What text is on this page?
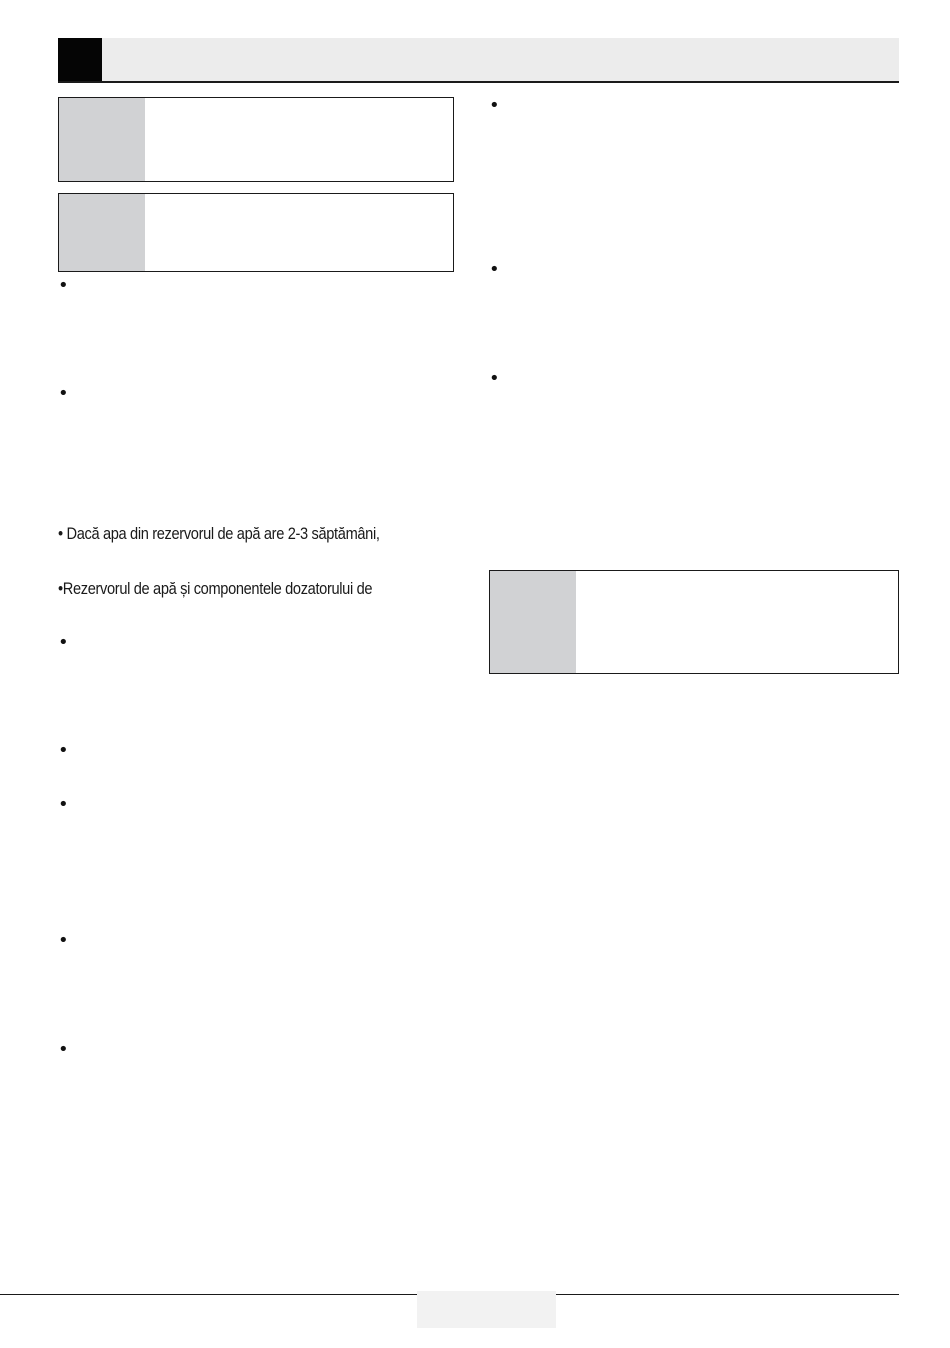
•
•
• Dacă apa din rezervorul de apă are 2-3 săptămâni,
•Rezervorul de apă și componentele dozatorului de
•
•
•
•
•
•
•
•
